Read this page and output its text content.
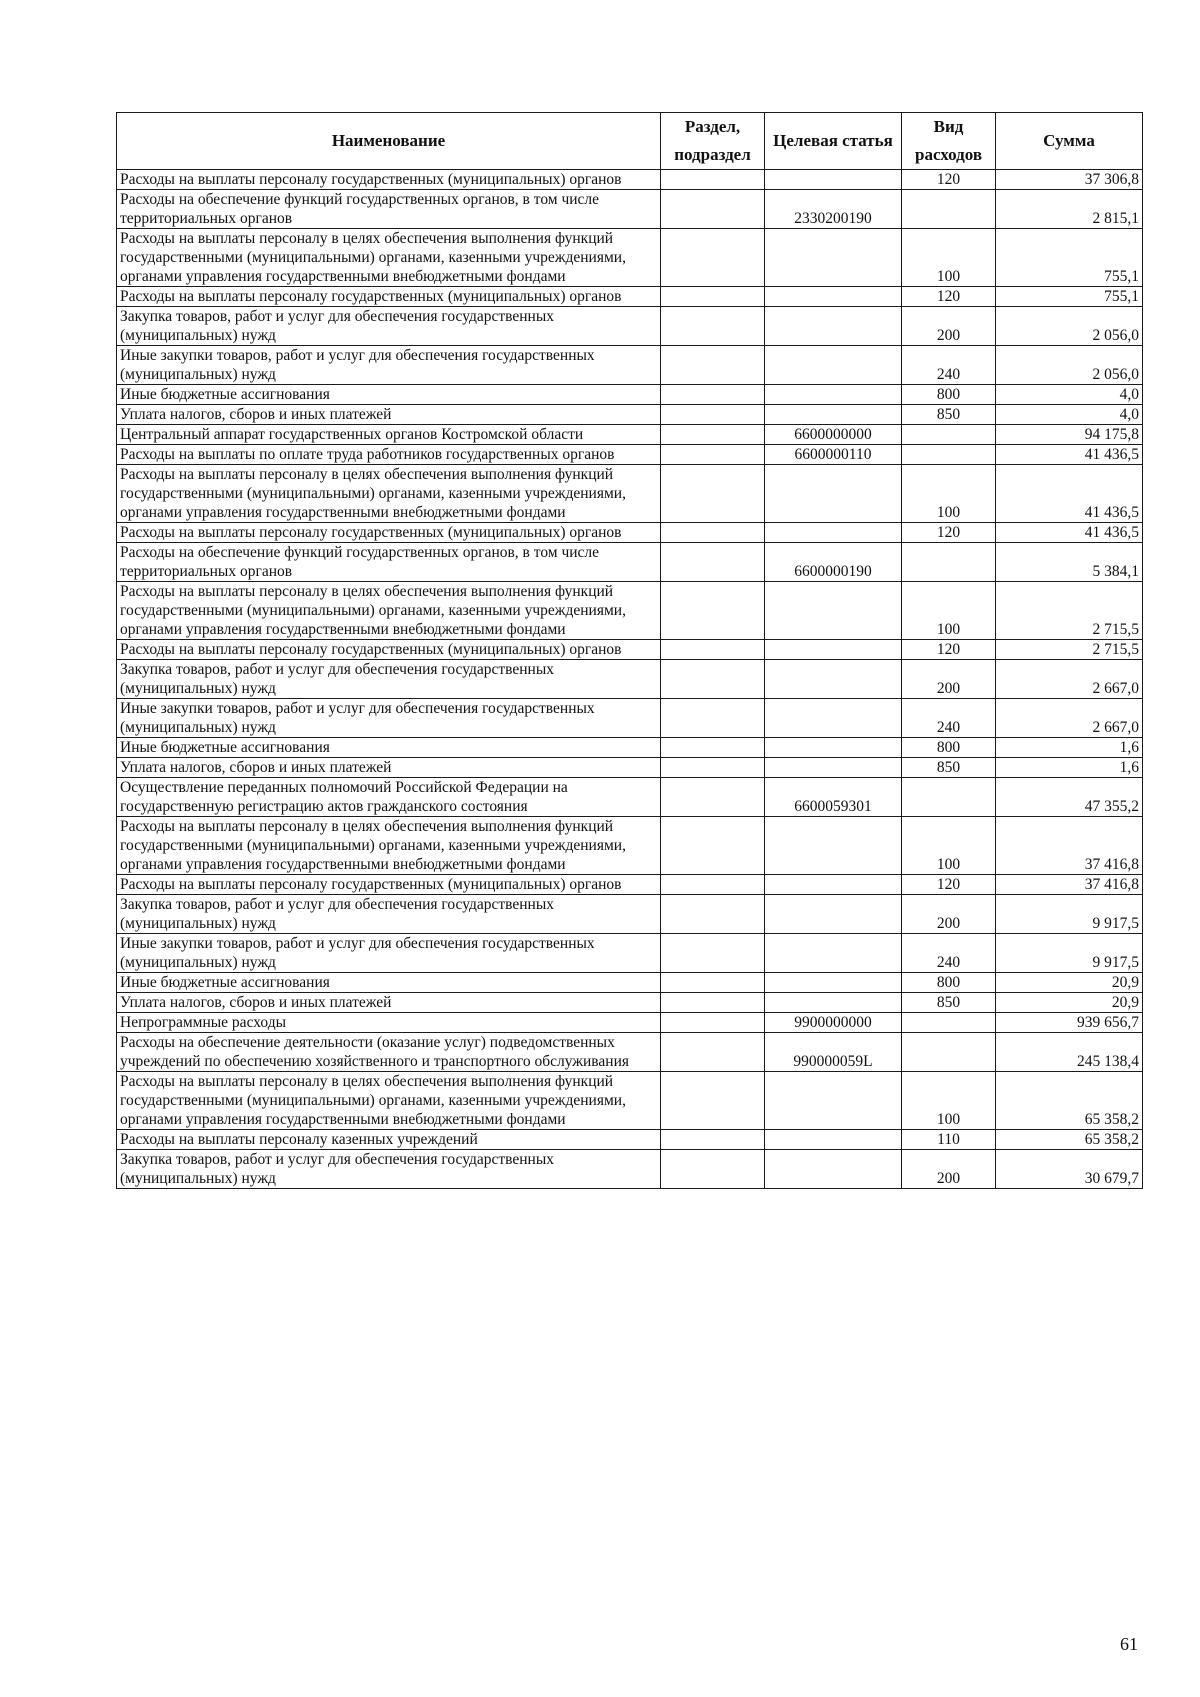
Наименование	Раздел, подраздел	Целевая статья	Вид расходов	Сумма
Расходы на выплаты персоналу государственных (муниципальных) органов			120	37 306,8
Расходы на обеспечение функций государственных органов, в том числе территориальных органов		2330200190		2 815,1
Расходы на выплаты персоналу в целях обеспечения выполнения функций государственными (муниципальными) органами, казенными учреждениями, органами управления государственными внебюджетными фондами			100	755,1
Расходы на выплаты персоналу государственных (муниципальных) органов			120	755,1
Закупка товаров, работ и услуг для обеспечения государственных (муниципальных) нужд			200	2 056,0
Иные закупки товаров, работ и услуг для обеспечения государственных (муниципальных) нужд			240	2 056,0
Иные бюджетные ассигнования			800	4,0
Уплата налогов, сборов и иных платежей			850	4,0
Центральный аппарат государственных органов Костромской области		6600000000		94 175,8
Расходы на выплаты по оплате труда работников государственных органов		6600000110		41 436,5
Расходы на выплаты персоналу в целях обеспечения выполнения функций государственными (муниципальными) органами, казенными учреждениями, органами управления государственными внебюджетными фондами			100	41 436,5
Расходы на выплаты персоналу государственных (муниципальных) органов			120	41 436,5
Расходы на обеспечение функций государственных органов, в том числе территориальных органов		6600000190		5 384,1
Расходы на выплаты персоналу в целях обеспечения выполнения функций государственными (муниципальными) органами, казенными учреждениями, органами управления государственными внебюджетными фондами			100	2 715,5
Расходы на выплаты персоналу государственных (муниципальных) органов			120	2 715,5
Закупка товаров, работ и услуг для обеспечения государственных (муниципальных) нужд			200	2 667,0
Иные закупки товаров, работ и услуг для обеспечения государственных (муниципальных) нужд			240	2 667,0
Иные бюджетные ассигнования			800	1,6
Уплата налогов, сборов и иных платежей			850	1,6
Осуществление переданных полномочий Российской Федерации на государственную регистрацию актов гражданского состояния		6600059301		47 355,2
Расходы на выплаты персоналу в целях обеспечения выполнения функций государственными (муниципальными) органами, казенными учреждениями, органами управления государственными внебюджетными фондами			100	37 416,8
Расходы на выплаты персоналу государственных (муниципальных) органов			120	37 416,8
Закупка товаров, работ и услуг для обеспечения государственных (муниципальных) нужд			200	9 917,5
Иные закупки товаров, работ и услуг для обеспечения государственных (муниципальных) нужд			240	9 917,5
Иные бюджетные ассигнования			800	20,9
Уплата налогов, сборов и иных платежей			850	20,9
Непрограммные расходы		9900000000		939 656,7
Расходы на обеспечение деятельности (оказание услуг) подведомственных учреждений по обеспечению хозяйственного и транспортного обслуживания		990000059L		245 138,4
Расходы на выплаты персоналу в целях обеспечения выполнения функций государственными (муниципальными) органами, казенными учреждениями, органами управления государственными внебюджетными фондами			100	65 358,2
Расходы на выплаты персоналу казенных учреждений			110	65 358,2
Закупка товаров, работ и услуг для обеспечения государственных (муниципальных) нужд			200	30 679,7
61
